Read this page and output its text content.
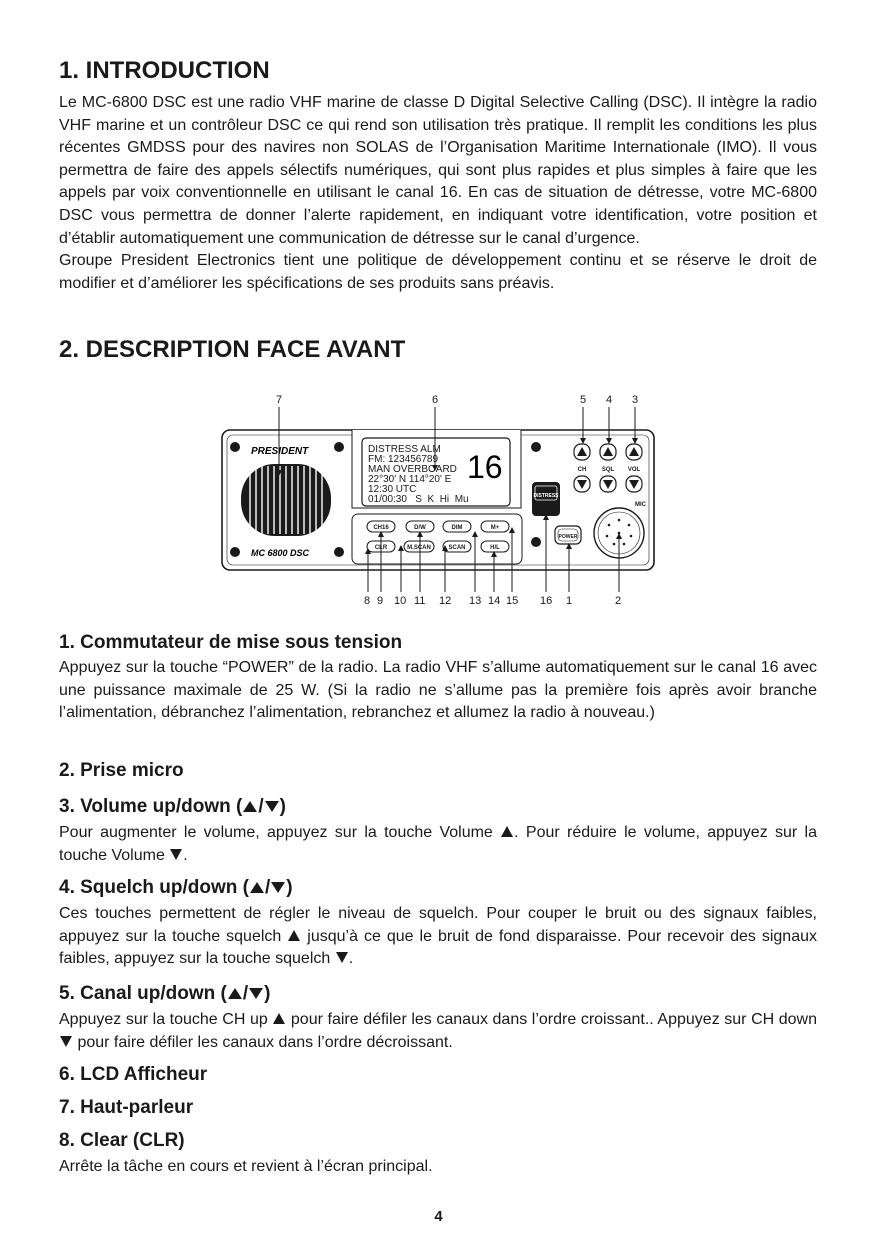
1. INTRODUCTION

Le MC-6800 DSC est une radio VHF marine de classe D Digital Selective Calling (DSC). Il intègre la radio VHF marine et un contrôleur DSC ce qui rend son utilisation très pratique. Il remplit les conditions les plus récentes GMDSS pour des navires non SOLAS de l’Organisation Maritime Internationale (IMO). Il vous permettra de faire des appels sélectifs numériques, qui sont plus rapides et plus simples à faire que les appels par voix conventionnelle en utilisant le canal 16. En cas de situation de détresse, votre MC-6800 DSC vous permettra de donner l’alerte rapidement, en indiquant votre identification, votre position et d’établir automatiquement une communication de détresse sur le canal d’urgence.
Groupe President Electronics tient une politique de développement continu et se réserve le droit de modifier et d’améliorer les spécifications de ses produits sans préavis.

2. DESCRIPTION FACE AVANT
1. Commutateur de mise sous tension

Appuyez sur la touche “POWER” de la radio. La radio VHF s’allume automatiquement sur le canal 16 avec une puissance maximale de 25 W. (Si la radio ne s’allume pas la première fois après avoir branche l’alimentation, débranchez l’alimentation, rebranchez et allumez la radio à nouveau.)

2. Prise micro
3. Volume up/down ( / )

Pour augmenter le volume, appuyez sur la touche Volume . Pour réduire le volume, appuyez sur la touche Volume .

4. Squelch up/down ( / )

Ces touches permettent de régler le niveau de squelch. Pour couper le bruit ou des signaux faibles, appuyez sur la touche squelch  jusqu’à ce que le bruit de fond disparaisse. Pour recevoir des signaux faibles, appuyez sur la touche squelch .

5. Canal up/down ( / )

Appuyez sur la touche CH up  pour faire défiler les canaux dans l’ordre croissant.. Appuyez sur CH down  pour faire défiler les canaux dans l’ordre décroissant.

6. LCD Afficheur
7. Haut-parleur
8. Clear (CLR)

Arrête la tâche en cours et revient à l’écran principal.

7	6	5 4 3
PRESIDENT
MC 6800 DSC
DISTRESS ALM
FM: 123456789
MAN OVERBOARD
22°30' N 114°20' E
12:30 UTC
01/00:30   S  K  Hi  Mu
16
CH16	D/W	DIM	M+
CLR	M.SCAN	SCAN	H/L
DISTRESS
POWER
CH	SQL VOL
MIC
8 9 10 11 12 13 14 15 16 1	2
4
